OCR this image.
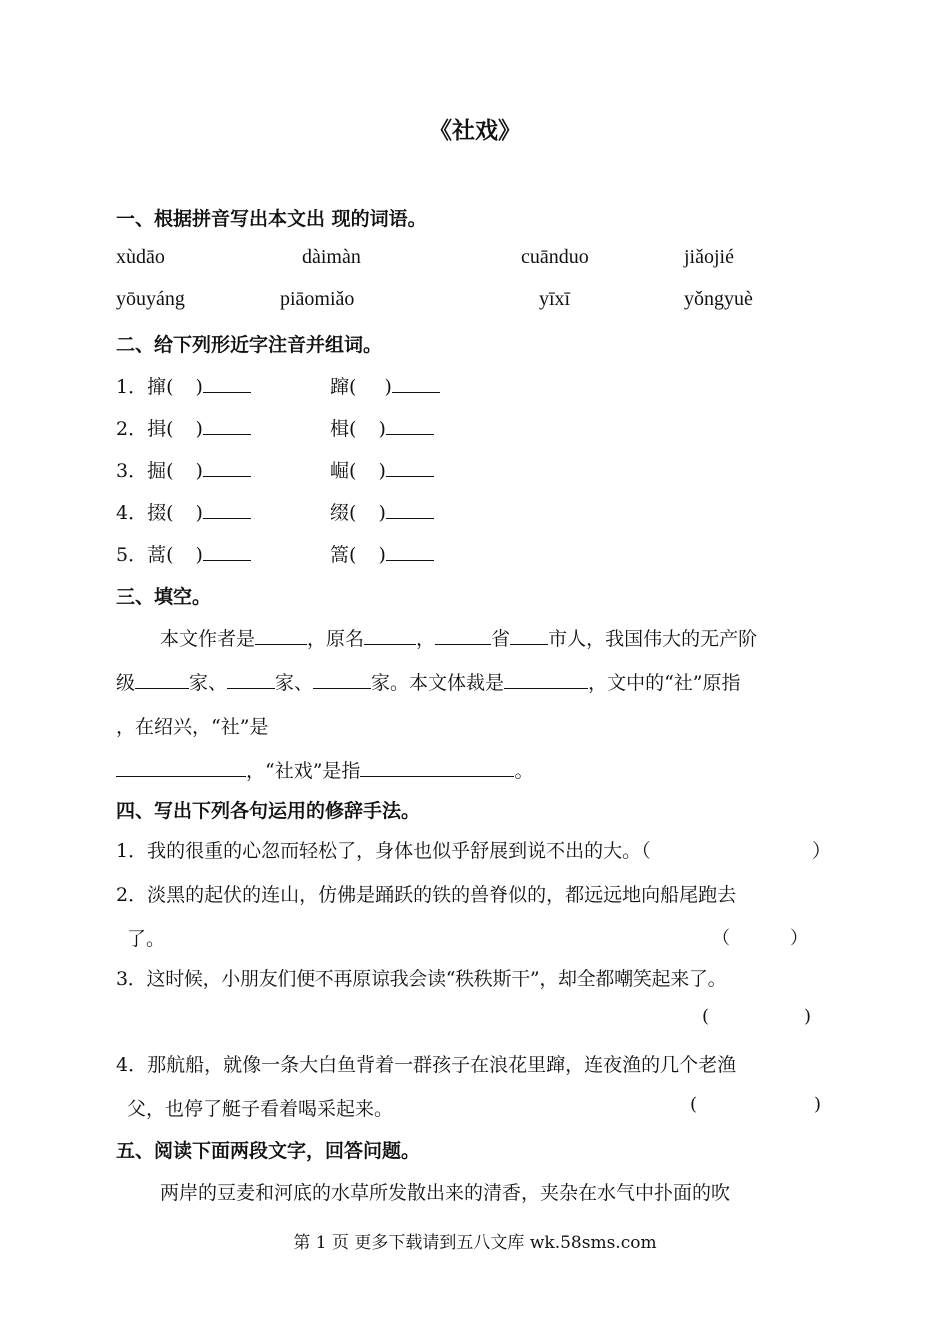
《社戏》
一、根据拼音写出本文出 现的词语。
xùdāo	dàimàn	cuānduo	jiǎojié
yōuyáng	piāomiǎo	yīxī	yǒngyuè
二、给下列形近字注音并组词。
1．撺( )	蹿( )
2．揖( )	楫( )
3．掘( )	崛( )
4．掇( )	缀( )
5．蒿( )	篙( )
三、填空。
本文作者是	，原名	，	省 市人，我国伟大的无产阶
级	家、	家、	家。本文体裁是	，文中的“社”原指
，在绍兴，“社”是
，“社戏”是指	。
四、写出下列各句运用的修辞手法。
1．我的很重的心忽而轻松了，身体也似乎舒展到说不出的大。（	）
2．淡黑的起伏的连山，仿佛是踊跃的铁的兽脊似的，都远远地向船尾跑去
了。	（	）
3．这时候，小朋友们便不再原谅我会读“秩秩斯干”，却全都嘲笑起来了。
(	)
4．那航船，就像一条大白鱼背着一群孩子在浪花里蹿，连夜渔的几个老渔
父，也停了艇子看着喝采起来。	(	)
五、阅读下面两段文字，回答问题。
两岸的豆麦和河底的水草所发散出来的清香，夹杂在水气中扑面的吹
第 1 页 更多下载请到五八文库 wk.58sms.com
